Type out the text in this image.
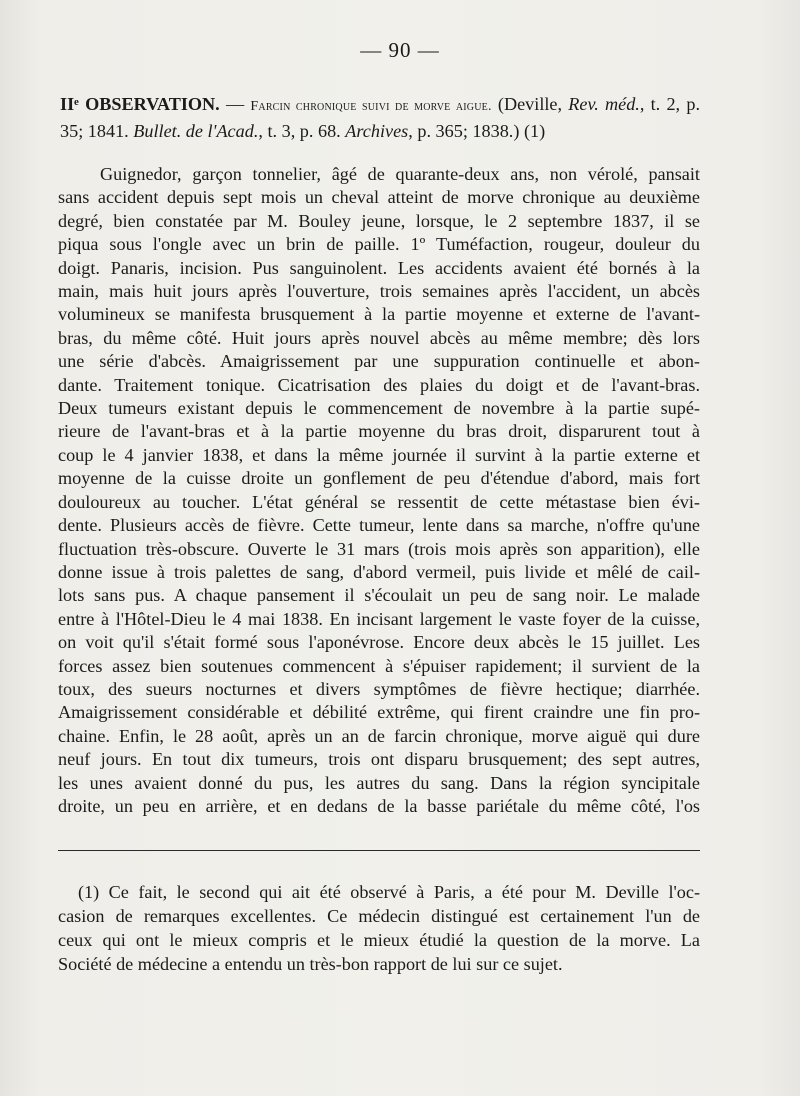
— 90 —
IIᵉ OBSERVATION. — Farcin chronique suivi de morve aigue. (Deville, Rev. méd., t. 2, p. 35; 1841. Bullet. de l'Acad., t. 3, p. 68. Archives, p. 365; 1838.) (1)
Guignedor, garçon tonnelier, âgé de quarante-deux ans, non vérolé, pansait
sans accident depuis sept mois un cheval atteint de morve chronique au deuxième
degré, bien constatée par M. Bouley jeune, lorsque, le 2 septembre 1837, il se
piqua sous l'ongle avec un brin de paille. 1º Tuméfaction, rougeur, douleur du
doigt. Panaris, incision. Pus sanguinolent. Les accidents avaient été bornés à la
main, mais huit jours après l'ouverture, trois semaines après l'accident, un abcès
volumineux se manifesta brusquement à la partie moyenne et externe de l'avant-
bras, du même côté. Huit jours après nouvel abcès au même membre; dès lors
une série d'abcès. Amaigrissement par une suppuration continuelle et abon-
dante. Traitement tonique. Cicatrisation des plaies du doigt et de l'avant-bras.
Deux tumeurs existant depuis le commencement de novembre à la partie supé-
rieure de l'avant-bras et à la partie moyenne du bras droit, disparurent tout à
coup le 4 janvier 1838, et dans la même journée il survint à la partie externe et
moyenne de la cuisse droite un gonflement de peu d'étendue d'abord, mais fort
douloureux au toucher. L'état général se ressentit de cette métastase bien évi-
dente. Plusieurs accès de fièvre. Cette tumeur, lente dans sa marche, n'offre qu'une
fluctuation très-obscure. Ouverte le 31 mars (trois mois après son apparition), elle
donne issue à trois palettes de sang, d'abord vermeil, puis livide et mêlé de cail-
lots sans pus. A chaque pansement il s'écoulait un peu de sang noir. Le malade
entre à l'Hôtel-Dieu le 4 mai 1838. En incisant largement le vaste foyer de la cuisse,
on voit qu'il s'était formé sous l'aponévrose. Encore deux abcès le 15 juillet. Les
forces assez bien soutenues commencent à s'épuiser rapidement; il survient de la
toux, des sueurs nocturnes et divers symptômes de fièvre hectique; diarrhée.
Amaigrissement considérable et débilité extrême, qui firent craindre une fin pro-
chaine. Enfin, le 28 août, après un an de farcin chronique, morve aiguë qui dure
neuf jours. En tout dix tumeurs, trois ont disparu brusquement; des sept autres,
les unes avaient donné du pus, les autres du sang. Dans la région syncipitale
droite, un peu en arrière, et en dedans de la basse pariétale du même côté, l'os
(1) Ce fait, le second qui ait été observé à Paris, a été pour M. Deville l'oc-
casion de remarques excellentes. Ce médecin distingué est certainement l'un de
ceux qui ont le mieux compris et le mieux étudié la question de la morve. La
Société de médecine a entendu un très-bon rapport de lui sur ce sujet.
